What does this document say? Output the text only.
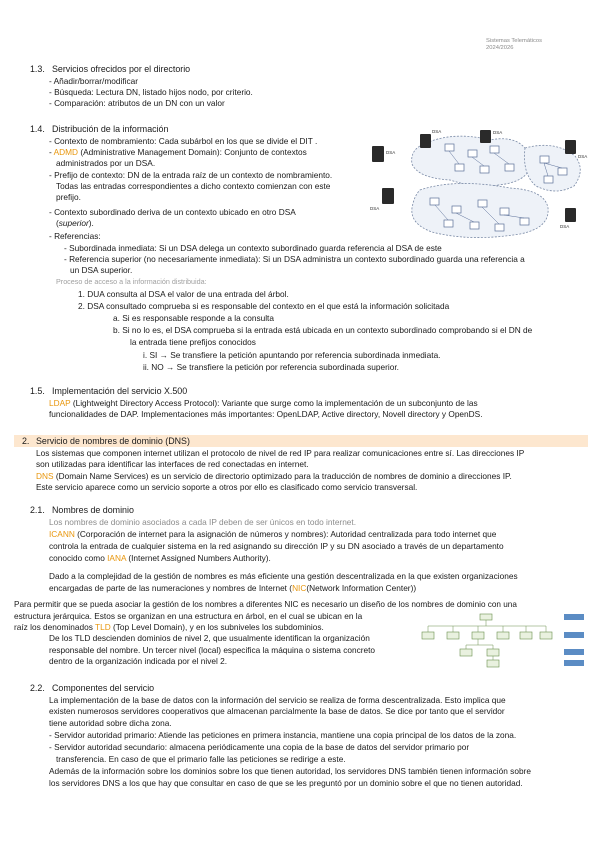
Sistemas Telemáticos
2024/2026
1.3. Servicios ofrecidos por el directorio
- Añadir/borrar/modificar
- Búsqueda: Lectura DN, listado hijos nodo, por criterio.
- Comparación: atributos de un DN con un valor
1.4. Distribución de la información
- Contexto de nombramiento: Cada subárbol en los que se divide el DIT .
- ADMD (Administrative Management Domain): Conjunto de contextos
administrados por un DSA.
- Prefijo de contexto: DN de la entrada raíz de un contexto de nombramiento.
Todas las entradas correspondientes a dicho contexto comienzan con este
prefijo.
- Contexto subordinado deriva de un contexto ubicado en otro DSA
(superior).
- Referencias:
- Subordinada inmediata: Si un DSA delega un contexto subordinado guarda referencia al DSA de este
- Referencia superior (no necesariamente inmediata): Si un DSA administra un contexto subordinado guarda una referencia a
un DSA superior.
Proceso de acceso a la información distribuida:
1. DUA consulta al DSA el valor de una entrada del árbol.
2. DSA consultado comprueba si es responsable del contexto en el que está la información solicitada
a. Si es responsable responde a la consulta
b. Si no lo es, el DSA comprueba si la entrada está ubicada en un contexto subordinado comprobando si el DN de
la entrada tiene prefijos conocidos
i. SI → Se transfiere la petición apuntando por referencia subordinada inmediata.
ii. NO → Se transfiere la petición por referencia subordinada superior.
DSA
DSA	DSA
DSA
DSA
DSA
1.5. Implementación del servicio X.500
LDAP (Lightweight Directory Access Protocol): Variante que surge como la implementación de un subconjunto de las
funcionalidades de DAP. Implementaciones más importantes: OpenLDAP, Active directory, Novell directory y OpenDS.
2. Servicio de nombres de dominio (DNS)
Los sistemas que componen internet utilizan el protocolo de nivel de red IP para realizar comunicaciones entre sí. Las direcciones IP
son utilizadas para identificar las interfaces de red conectadas en internet.
DNS (Domain Name Services) es un servicio de directorio optimizado para la traducción de nombres de dominio a direcciones IP.
Este servicio aparece como un servicio soporte a otros por ello es clasificado como servicio transversal.
2.1. Nombres de dominio
Los nombres de dominio asociados a cada IP deben de ser únicos en todo internet.
ICANN (Corporación de internet para la asignación de números y nombres): Autoridad centralizada para todo internet que
controla la entrada de cualquier sistema en la red asignando su dirección IP y su DN asociado a través de un departamento
conocido como IANA (Internet Assigned Numbers Authority).
Dado a la complejidad de la gestión de nombres es más eficiente una gestión descentralizada en la que existen organizaciones
encargadas de parte de las numeraciones y nombres de Internet (NIC(Network Information Center))
Para permitir que se pueda asociar la gestión de los nombres a diferentes NIC es necesario un diseño de los nombres de dominio con una
estructura jerárquica. Estos se organizan en una estructura en árbol, en el cual se ubican en la
raíz los denominados TLD (Top Level Domain), y en los subniveles los subdominios.
De los TLD descienden dominios de nivel 2, que usualmente identifican la organización
responsable del nombre. Un tercer nivel (local) especifica la máquina o sistema concreto
dentro de la organización indicada por el nivel 2.
2.2. Componentes del servicio
La implementación de la base de datos con la información del servicio se realiza de forma descentralizada. Esto implica que
existen numerosos servidores cooperativos que almacenan parcialmente la base de datos. Se dice por tanto que el servidor
tiene autoridad sobre dicha zona.
- Servidor autoridad primario: Atiende las peticiones en primera instancia, mantiene una copia principal de los datos de la zona.
- Servidor autoridad secundario: almacena periódicamente una copia de la base de datos del servidor primario por
transferencia. En caso de que el primario falle las peticiones se redirige a este.
Además de la información sobre los dominios sobre los que tienen autoridad, los servidores DNS también tienen información sobre
los servidores DNS a los que hay que consultar en caso de que se les preguntó por un dominio sobre el que no tienen autoridad.
